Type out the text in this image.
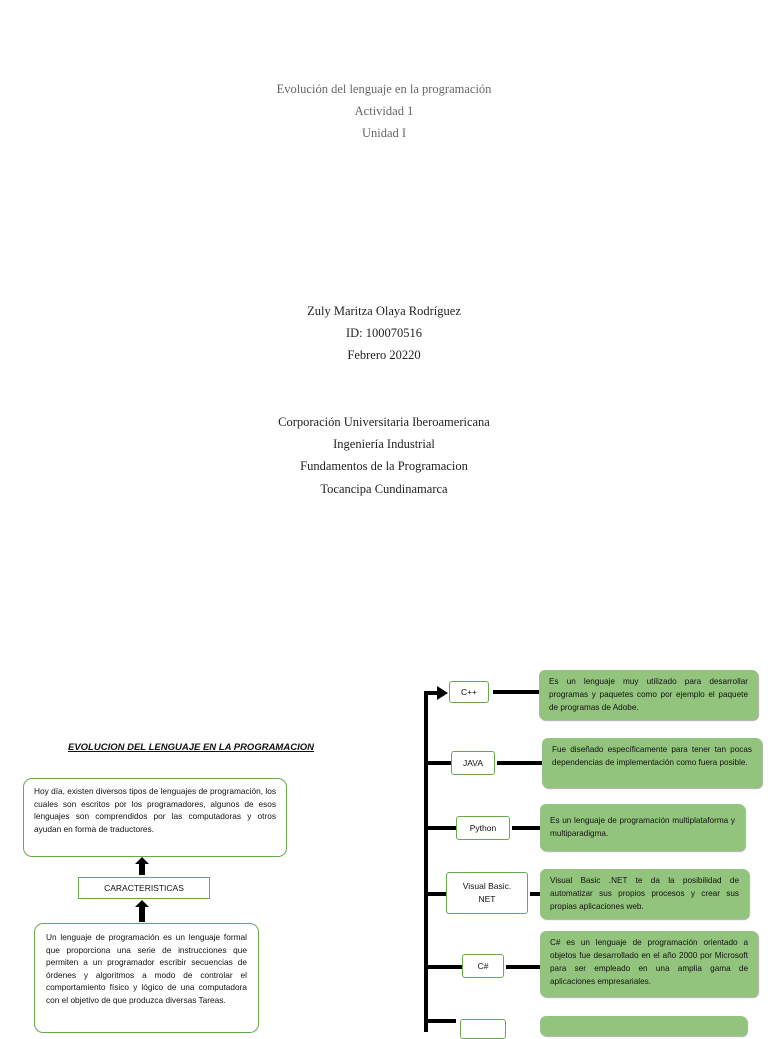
Evolución del lenguaje en la programación
Actividad 1
Unidad I
Zuly Maritza Olaya Rodríguez
ID: 100070516
Febrero 20220
Corporación Universitaria Iberoamericana
Ingeniería Industrial
Fundamentos de la Programacion
Tocancipa Cundinamarca
EVOLUCION DEL LENGUAJE EN LA PROGRAMACION
Hoy día, existen diversos tipos de lenguajes de programación, los cuales son escritos por los programadores, algunos de esos lenguajes son comprendidos por las computadoras y otros ayudan en forma de traductores.
CARACTERISTICAS
Un lenguaje de programación es un lenguaje formal que proporciona una serie de instrucciones que permiten a un programador escribir secuencias de órdenes y algoritmos a modo de controlar el comportamiento físico y lógico de una computadora con el objetivo de que produzca diversas Tareas.
C++
Es un lenguaje muy utilizado para desarrollar programas y paquetes como por ejemplo el paquete de programas de Adobe.
JAVA
Fue diseñado específicamente para tener tan pocas dependencias de implementación como fuera posible.
Python
Es un lenguaje de programación multiplataforma y multiparadigma.
Visual Basic. NET
Visual Basic .NET te da la posibilidad de automatizar sus propios procesos y crear sus propias aplicaciones web.
C#
C# es un lenguaje de programación orientado a objetos fue desarrollado en el año 2000 por Microsoft para ser empleado en una amplia gama de aplicaciones empresariales.
